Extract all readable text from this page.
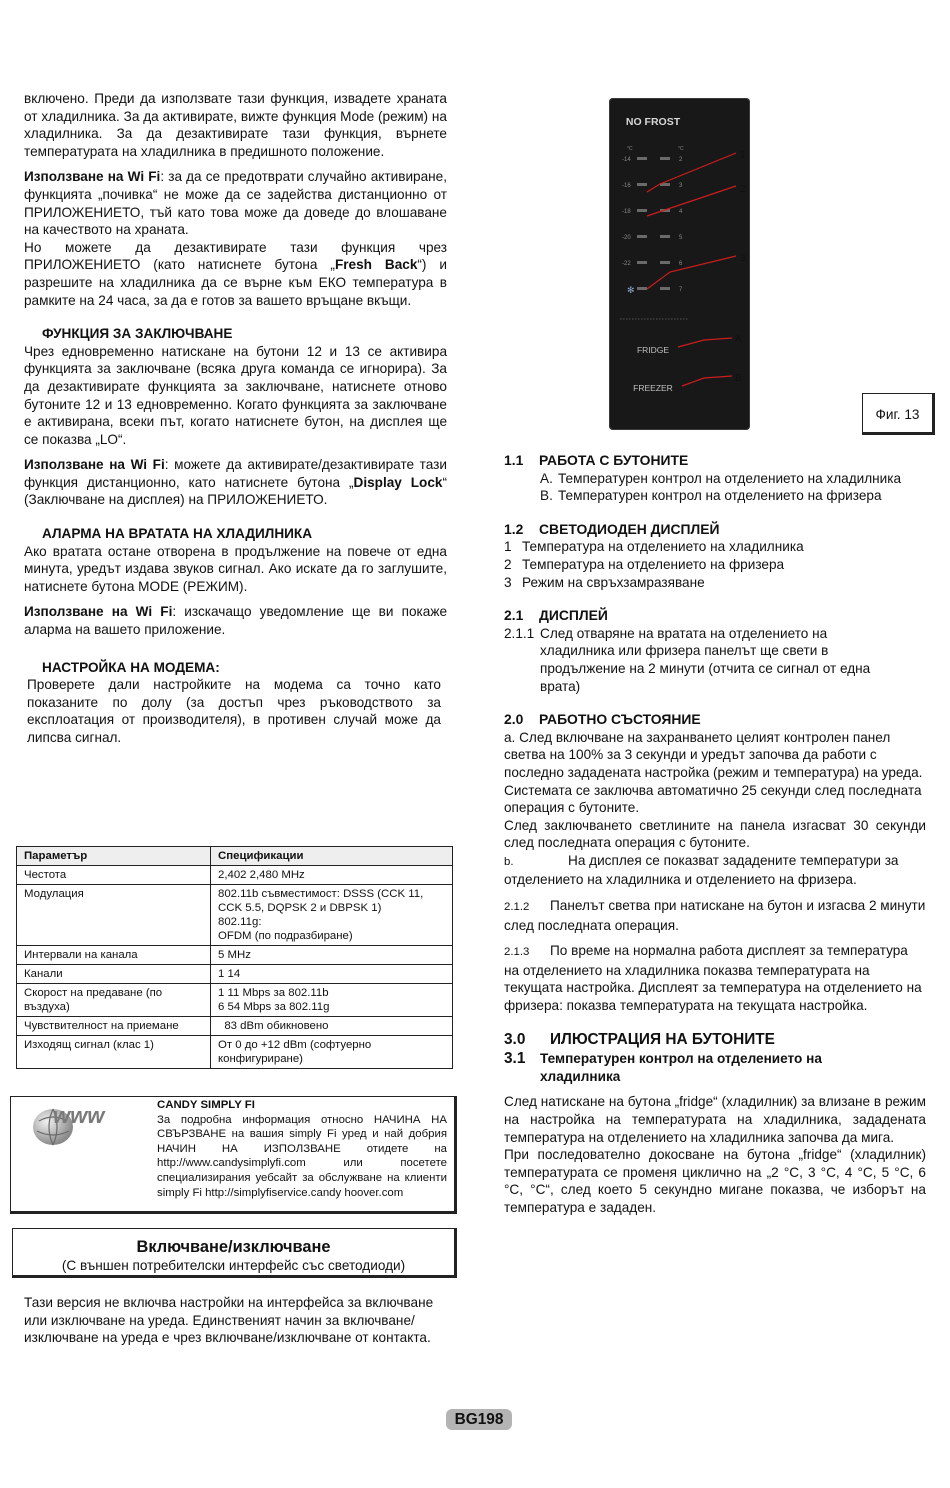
включено. Преди да използвате тази функция, извадете храната от хладилника. За да активирате, вижте функция Mode (режим) на хладилника. За да дезактивирате тази функция, върнете температурата на хладилника в предишното положение.

Използване на Wi Fi: за да се предотврати случайно активиране, функцията „почивка“ не може да се задейства дистанционно от ПРИЛОЖЕНИЕТО, тъй като това може да доведе до влошаване на качеството на храната.

Но можете да дезактивирате тази функция чрез ПРИЛОЖЕНИЕТО (като натиснете бутона „Fresh Back“) и разрешите на хладилника да се върне към ЕКО температура в рамките на 24 часа, за да е готов за вашето връщане вкъщи.

ФУНКЦИЯ ЗА ЗАКЛЮЧВАНЕ

Чрез едновременно натискане на бутони 12 и 13 се активира функцията за заключване (всяка друга команда се игнорира). За да дезактивирате функцията за заключване, натиснете отново бутоните 12 и 13 едновременно. Когато функцията за заключване е активирана, всеки път, когато натиснете бутон, на дисплея ще се показва „LO“.

Използване на Wi Fi: можете да активирате/дезактивирате тази функция дистанционно, като натиснете бутона „Display Lock“ (Заключване на дисплея) на ПРИЛОЖЕНИЕТО.

АЛАРМА НА ВРАТАТА НА ХЛАДИЛНИКА

Ако вратата остане отворена в продължение на повече от една минута, уредът издава звуков сигнал. Ако искате да го заглушите, натиснете бутона MODE (РЕЖИМ).

Използване на Wi Fi: изскачащо уведомление ще ви покаже аларма на вашето приложение.

НАСТРОЙКА НА МОДЕМА:

Проверете дали настройките на модема са точно като показаните по долу (за достъп чрез ръководството за експлоатация от производителя), в противен случай може да липсва сигнал.

Параметър	Спецификации
Честота	2,402 2,480 MHz
Модулация	802.11b съвместимост: DSSS (CCK 11, CCK 5.5, DQPSK 2 и DBPSK 1)
802.11g:
OFDM (по подразбиране)
Интервали на канала	5 MHz
Канали	1 14
Скорост на предаване (по въздуха)	1 11 Mbps за 802.11b
6 54 Mbps за 802.11g
Чувствителност на приемане	83 dBm обикновено
Изходящ сигнал (клас 1)	От 0 до +12 dBm (софтуерно конфигуриране)
www	CANDY SIMPLY FI
За подробна информация относно НАЧИНА НА СВЪРЗВАНЕ на вашия simply Fi уред и най добрия НАЧИН НА ИЗПОЛЗВАНЕ отидете на http://www.candysimplyfi.com или посетете специализирания уебсайт за обслужване на клиенти simply Fi http://simplyfiservice.candy hoover.com
Включване/изключване
(С външен потребителски интерфейс със светодиоди)
Тази версия не включва настройки на интерфейса за включване или изключване на уреда. Единственият начин за включване/изключване на уреда е чрез включване/изключване от контакта.
NO FROST
°C	°C
-14	2
-16	3
-18	4
-20	5
-22	6
7
✻
FRIDGE
FREEZER
1
2
3
A
B
Фиг. 13
1.1 РАБОТА С БУТОНИТЕ
A. Температурен контрол на отделението на хладилника
B. Температурен контрол на отделението на фризера
1.2 СВЕТОДИОДЕН ДИСПЛЕЙ
1 Температура на отделението на хладилника
2 Температура на отделението на фризера
3 Режим на свръхзамразяване
2.1 ДИСПЛЕЙ
2.1.1 След отваряне на вратата на отделението на хладилника или фризера панелът ще свети в продължение на 2 минути (отчита се сигнал от една врата)
2.0 РАБОТНО СЪСТОЯНИЕ

a. След включване на захранването целият контролен панел светва на 100% за 3 секунди и уредът започва да работи с последно зададената настройка (режим и температура) на уреда. Системата се заключва автоматично 25 секунди след последната операция с бутоните.

След заключването светлините на панела изгасват 30 секунди след последната операция с бутоните.

b.	На дисплея се показват зададените температури за отделението на хладилника и отделението на фризера.

2.1.2 Панелът светва при натискане на бутон и изгасва 2 минути след последната операция.

2.1.3 По време на нормална работа дисплеят за температура на отделението на хладилника показва температурата на текущата настройка. Дисплеят за температура на отделението на фризера: показва температурата на текущата настройка.

3.0 ИЛЮСТРАЦИЯ НА БУТОНИТЕ
3.1	Температурен контрол на отделението на хладилника

След натискане на бутона „fridge“ (хладилник) за влизане в режим на настройка на температурата на хладилника, зададената температура на отделението на хладилника започва да мига.

При последователно докосване на бутона „fridge“ (хладилник) температурата се променя циклично на „2 °C, 3 °C, 4 °C, 5 °C, 6 °C, °C“, след което 5 секундно мигане показва, че изборът на температура е зададен.

BG198
